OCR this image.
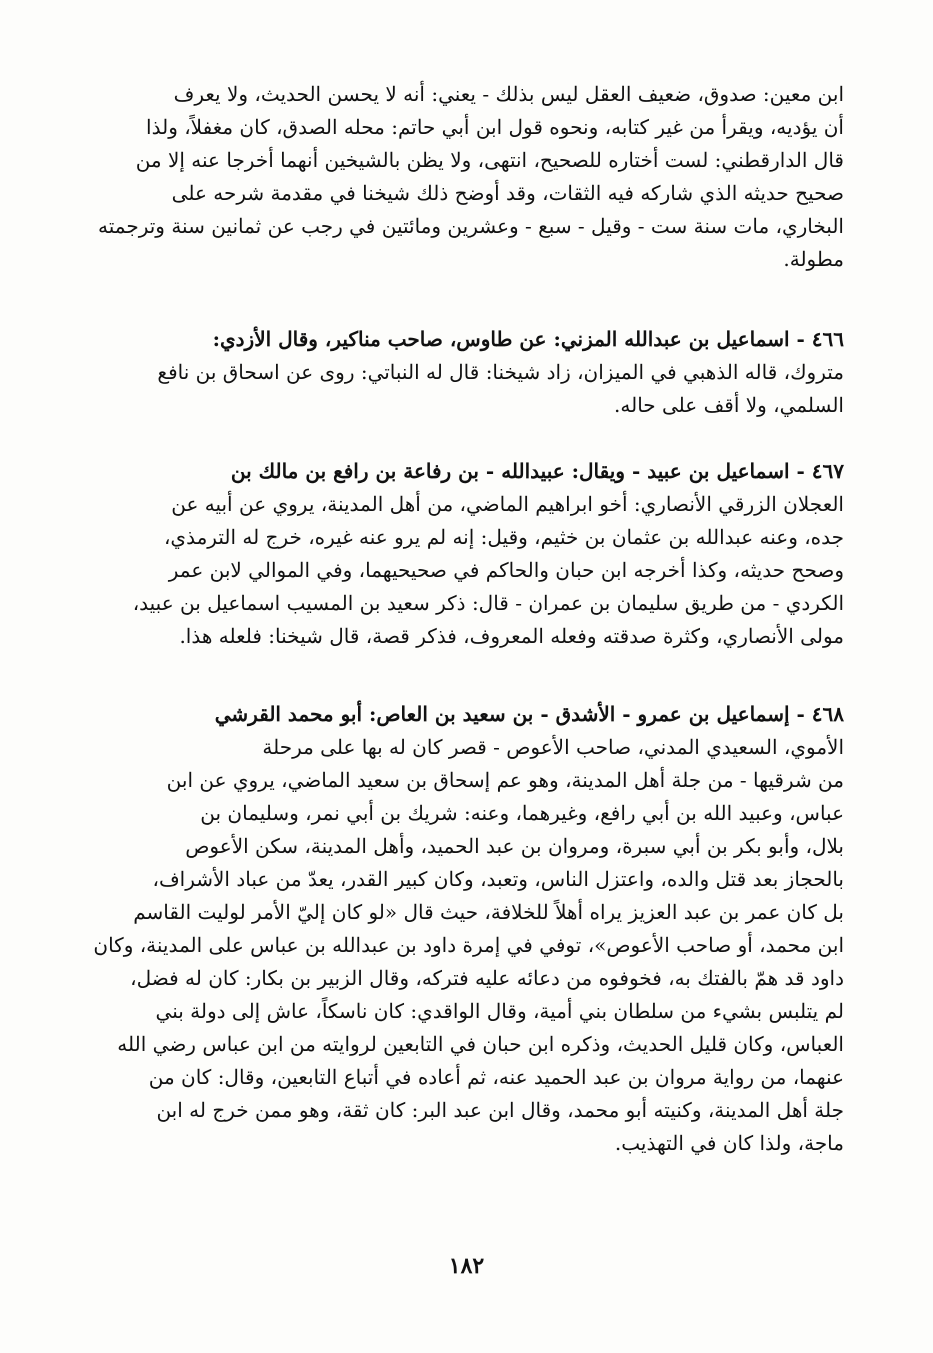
ابن معين: صدوق، ضعيف العقل ليس بذلك - يعني: أنه لا يحسن الحديث، ولا يعرف
أن يؤديه، ويقرأ من غير كتابه، ونحوه قول ابن أبي حاتم: محله الصدق، كان مغفلاً، ولذا
قال الدارقطني: لست أختاره للصحيح، انتهى، ولا يظن بالشيخين أنهما أخرجا عنه إلا من
صحيح حديثه الذي شاركه فيه الثقات، وقد أوضح ذلك شيخنا في مقدمة شرحه على
البخاري، مات سنة ست - وقيل - سبع - وعشرين ومائتين في رجب عن ثمانين سنة وترجمته
مطولة.
٤٦٦ - اسماعيل بن عبدالله المزني: عن طاوس، صاحب مناكير، وقال الأزدي:
متروك، قاله الذهبي في الميزان، زاد شيخنا: قال له النباتي: روى عن اسحاق بن نافع
السلمي، ولا أقف على حاله.
٤٦٧ - اسماعيل بن عبيد - ويقال: عبيدالله - بن رفاعة بن رافع بن مالك بن
العجلان الزرقي الأنصاري: أخو ابراهيم الماضي، من أهل المدينة، يروي عن أبيه عن
جده، وعنه عبدالله بن عثمان بن خثيم، وقيل: إنه لم يرو عنه غيره، خرج له الترمذي،
وصحح حديثه، وكذا أخرجه ابن حبان والحاكم في صحيحيهما، وفي الموالي لابن عمر
الكردي - من طريق سليمان بن عمران - قال: ذكر سعيد بن المسيب اسماعيل بن عبيد،
مولى الأنصاري، وكثرة صدقته وفعله المعروف، فذكر قصة، قال شيخنا: فلعله هذا.
٤٦٨ - إسماعيل بن عمرو - الأشدق - بن سعيد بن العاص: أبو محمد القرشي
الأموي، السعيدي المدني، صاحب الأعوص - قصر كان له بها على مرحلة
من شرقيها - من جلة أهل المدينة، وهو عم إسحاق بن سعيد الماضي، يروي عن ابن
عباس، وعبيد الله بن أبي رافع، وغيرهما، وعنه: شريك بن أبي نمر، وسليمان بن
بلال، وأبو بكر بن أبي سبرة، ومروان بن عبد الحميد، وأهل المدينة، سكن الأعوص
بالحجاز بعد قتل والده، واعتزل الناس، وتعبد، وكان كبير القدر، يعدّ من عباد الأشراف،
بل كان عمر بن عبد العزيز يراه أهلاً للخلافة، حيث قال «لو كان إليّ الأمر لوليت القاسم
ابن محمد، أو صاحب الأعوص»، توفي في إمرة داود بن عبدالله بن عباس على المدينة، وكان
داود قد همّ بالفتك به، فخوفوه من دعائه عليه فتركه، وقال الزبير بن بكار: كان له فضل،
لم يتلبس بشيء من سلطان بني أمية، وقال الواقدي: كان ناسكاً، عاش إلى دولة بني
العباس، وكان قليل الحديث، وذكره ابن حبان في التابعين لروايته من ابن عباس رضي الله
عنهما، من رواية مروان بن عبد الحميد عنه، ثم أعاده في أتباع التابعين، وقال: كان من
جلة أهل المدينة، وكنيته أبو محمد، وقال ابن عبد البر: كان ثقة، وهو ممن خرج له ابن
ماجة، ولذا كان في التهذيب.
١٨٢
